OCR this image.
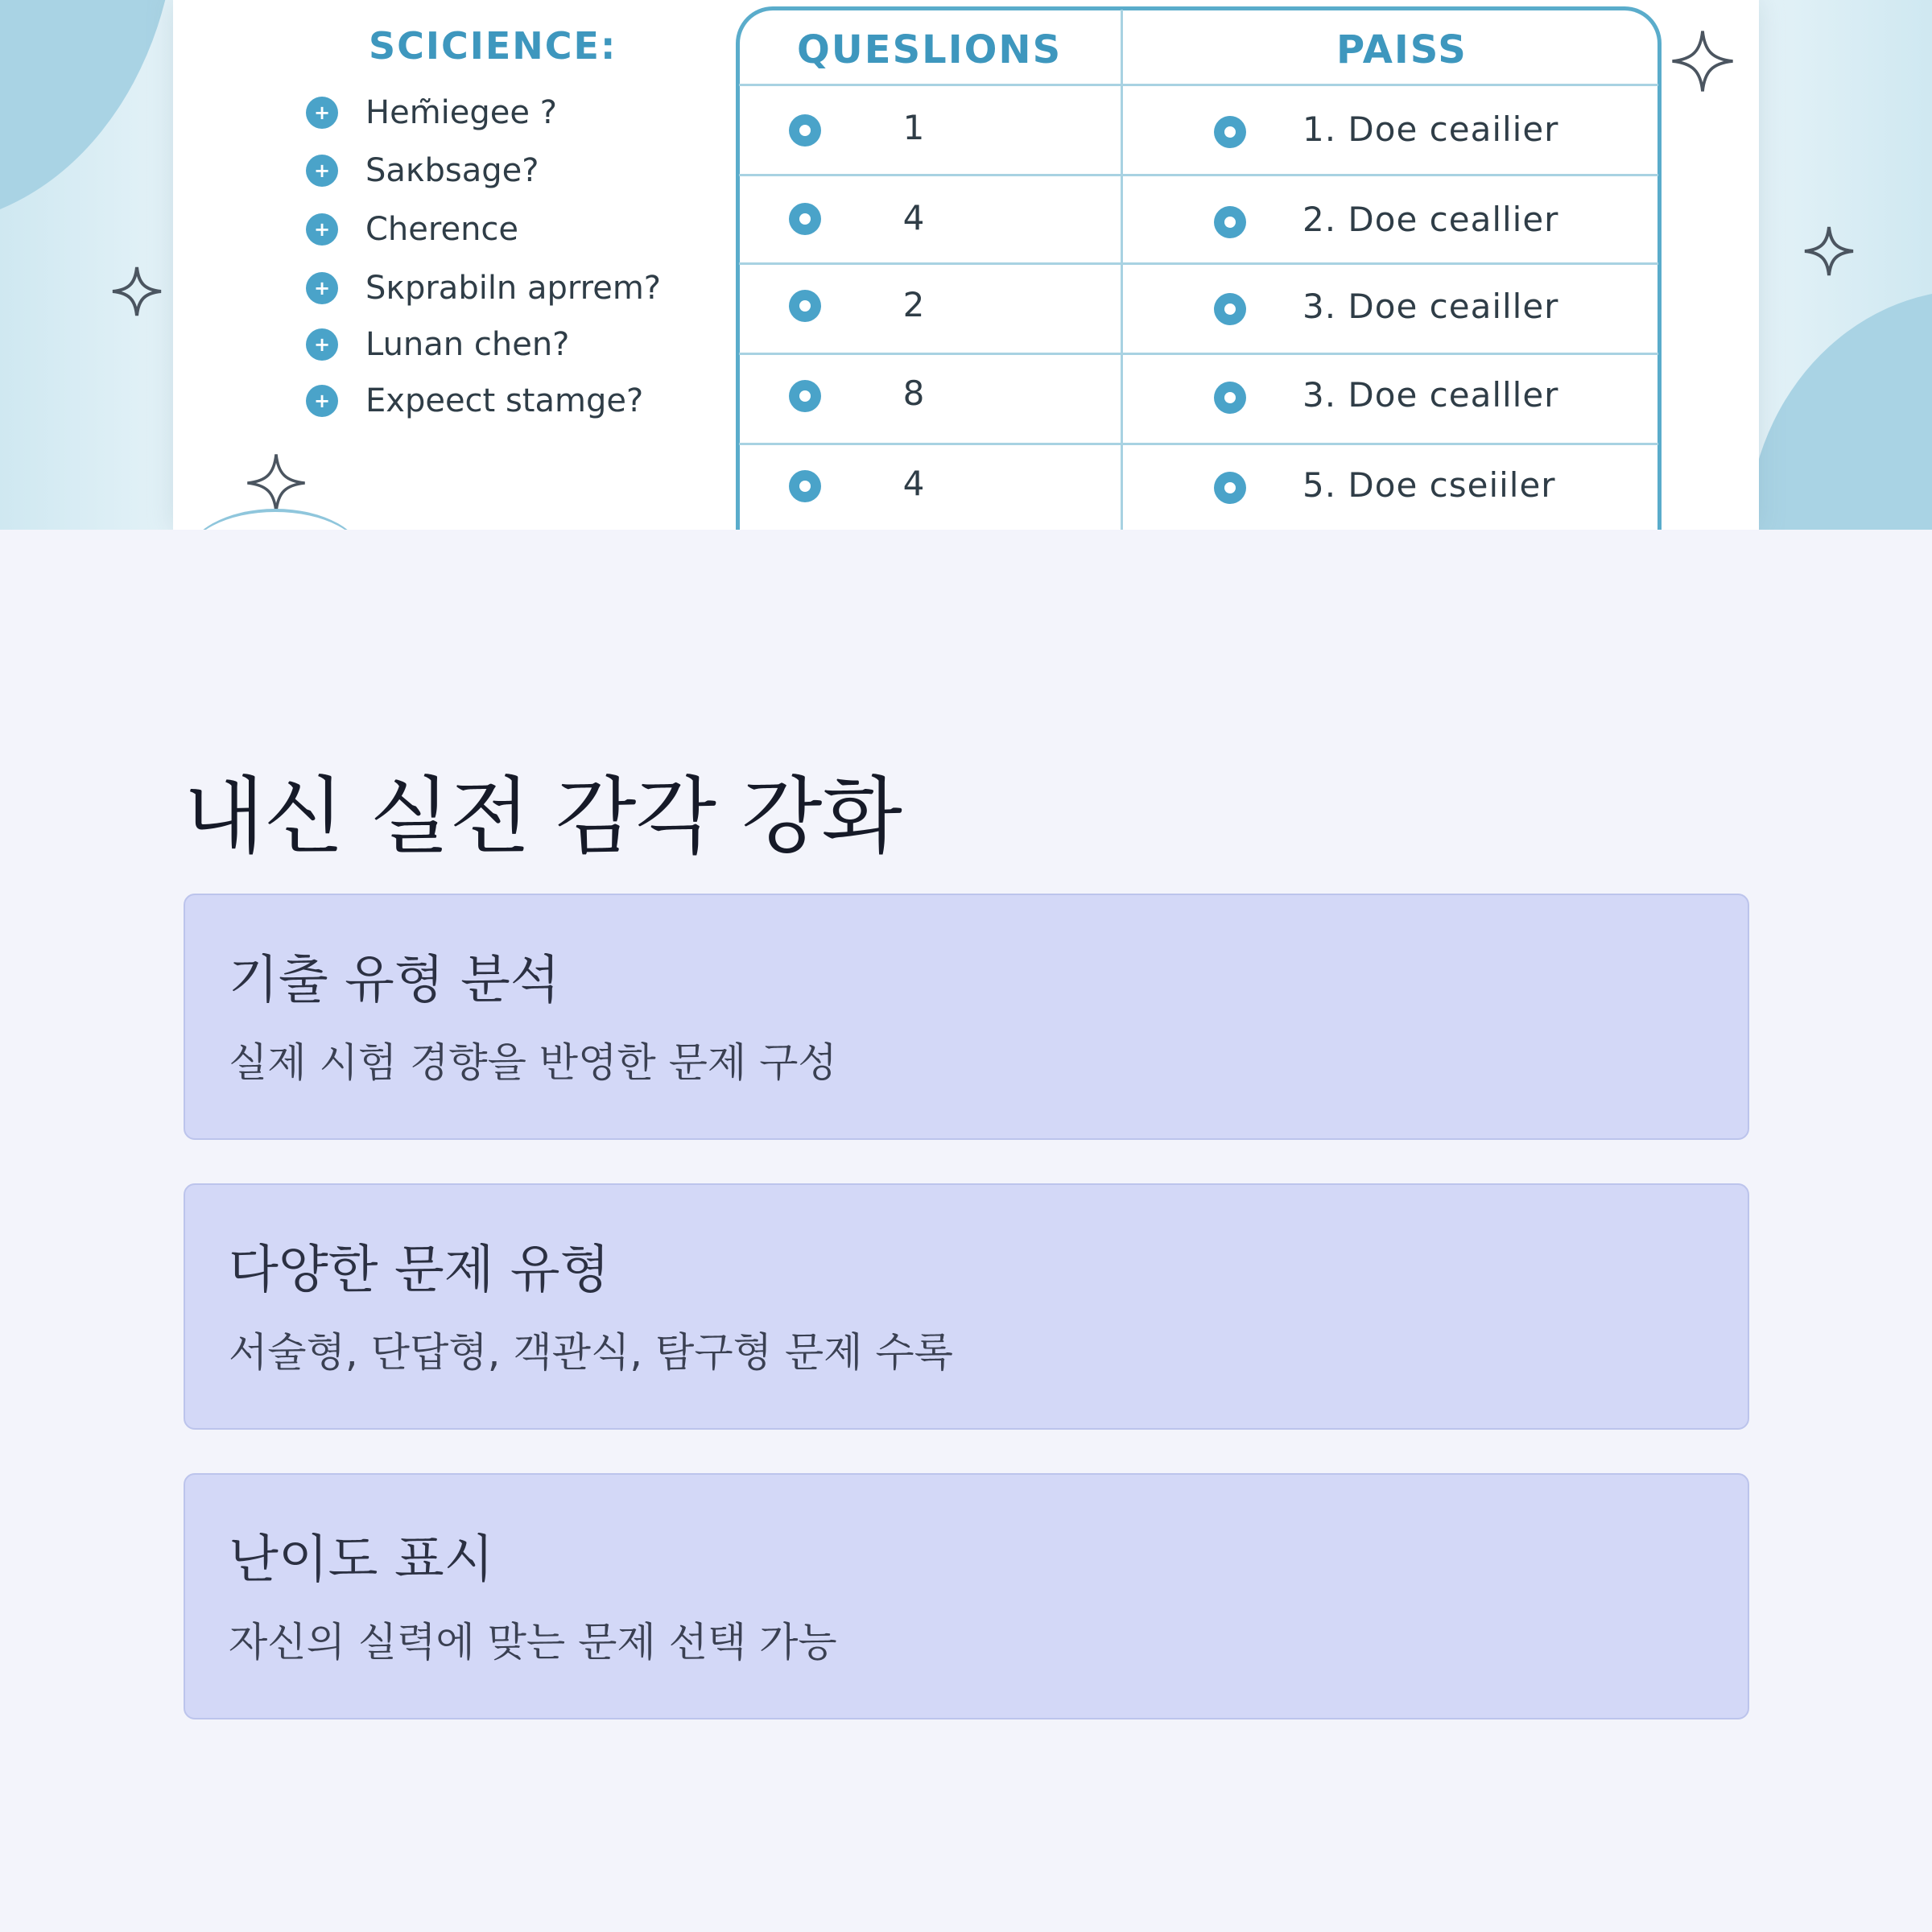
SCICIENCE:
+ Hem̃iegee ?
+ Saκbsage?
+ Cherence
+ Sκprabiln aprrem?
+ Lunan chen?
+ Expeect stamge?
QUESLIONS	PAISS
1	1. Doe ceailier
4	2. Doe ceallier
2	3. Doe ceailler
8	3. Doe cealller
4	5. Doe cseiiler
내신 실전 감각 강화
기출 유형 분석

실제 시험 경향을 반영한 문제 구성

다양한 문제 유형

서술형, 단답형, 객관식, 탐구형 문제 수록

난이도 표시

자신의 실력에 맞는 문제 선택 가능
